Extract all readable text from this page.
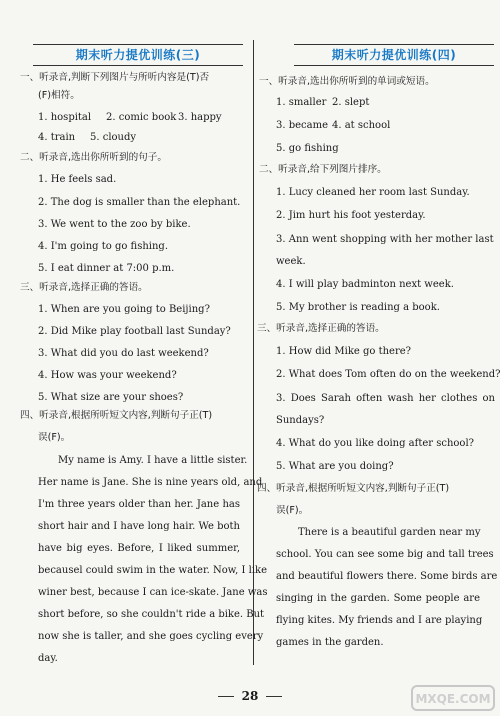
期末听力提优训练(三)
一、听录音,判断下列图片与所听内容是(T)否
(F)相符。
1. hospital 2. comic book 3. happy
4. train 5. cloudy
二、听录音,选出你所听到的句子。
1. He feels sad.
2. The dog is smaller than the elephant.
3. We went to the zoo by bike.
4. I'm going to go fishing.
5. I eat dinner at 7:00 p.m.
三、听录音,选择正确的答语。
1. When are you going to Beijing?
2. Did Mike play football last Sunday?
3. What did you do last weekend?
4. How was your weekend?
5. What size are your shoes?
四、听录音,根据所听短文内容,判断句子正(T)
误(F)。
My name is Amy. I have a little sister.
Her name is Jane. She is nine years old, and
I'm three years older than her. Jane has
short hair and I have long hair. We both
have big eyes. Before, I liked summer,
becausel could swim in the water. Now, I like
winer best, because I can ice-skate. Jane was
short before, so she couldn't ride a bike. But
now she is taller, and she goes cycling every
day.
期末听力提优训练(四)
一、听录音,选出你所听到的单词或短语。
1. smaller 2. slept
3. became 4. at school
5. go fishing
二、听录音,给下列图片排序。
1. Lucy cleaned her room last Sunday.
2. Jim hurt his foot yesterday.
3. Ann went shopping with her mother last
week.
4. I will play badminton next week.
5. My brother is reading a book.
三、听录音,选择正确的答语。
1. How did Mike go there?
2. What does Tom often do on the weekend?
3. Does Sarah often wash her clothes on
Sundays?
4. What do you like doing after school?
5. What are you doing?
四、听录音,根据所听短文内容,判断句子正(T)
误(F)。
There is a beautiful garden near my
school. You can see some big and tall trees
and beautiful flowers there. Some birds are
singing in the garden. Some people are
flying kites. My friends and I are playing
games in the garden.
28	MXQE.COM
